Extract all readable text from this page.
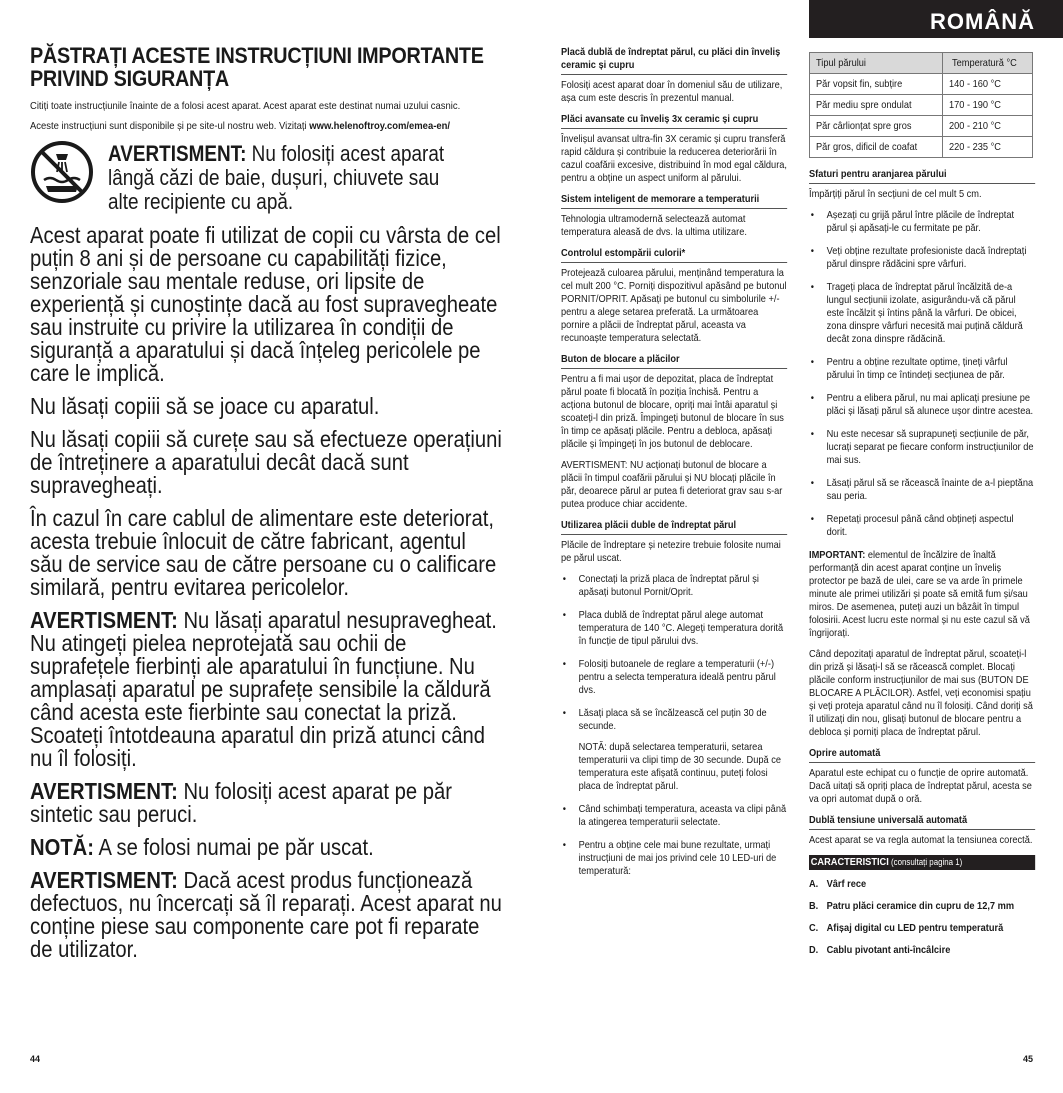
ROMÂNĂ
PĂSTRAȚI ACESTE INSTRUCȚIUNI IMPORTANTE PRIVIND SIGURANȚA
Citiți toate instrucțiunile înainte de a folosi acest aparat. Acest aparat este destinat numai uzului casnic.
Aceste instrucțiuni sunt disponibile și pe site-ul nostru web. Vizitați www.helenoftroy.com/emea-en/
AVERTISMENT: Nu folosiți acest aparat lângă căzi de baie, dușuri, chiuvete sau alte recipiente cu apă.

Acest aparat poate fi utilizat de copii cu vârsta de cel puțin 8 ani și de persoane cu capabilități fizice, senzoriale sau mentale reduse, ori lipsite de experiență și cunoștințe dacă au fost supravegheate sau instruite cu privire la utilizarea în condiții de siguranță a aparatului și dacă înțeleg pericolele pe care le implică.

Nu lăsați copiii să se joace cu aparatul.

Nu lăsați copiii să curețe sau să efectueze operațiuni de întreținere a aparatului decât dacă sunt supravegheați.

În cazul în care cablul de alimentare este deteriorat, acesta trebuie înlocuit de către fabricant, agentul său de service sau de către persoane cu o calificare similară, pentru evitarea pericolelor.

AVERTISMENT: Nu lăsați aparatul nesupravegheat. Nu atingeți pielea neprotejată sau ochii de suprafețele fierbinți ale aparatului în funcțiune. Nu amplasați aparatul pe suprafețe sensibile la căldură când acesta este fierbinte sau conectat la priză. Scoateți întotdeauna aparatul din priză atunci când nu îl folosiți.

AVERTISMENT: Nu folosiți acest aparat pe păr sintetic sau peruci.

NOTĂ: A se folosi numai pe păr uscat.

AVERTISMENT: Dacă acest produs funcționează defectuos, nu încercați să îl reparați. Acest aparat nu conține piese sau componente care pot fi reparate de utilizator.

44

Placă dublă de îndreptat părul, cu plăci din înveliș ceramic și cupru

Folosiți acest aparat doar în domeniul său de utilizare, așa cum este descris în prezentul manual.

Plăci avansate cu înveliș 3x ceramic și cupru

Învelișul avansat ultra-fin 3X ceramic și cupru transferă rapid căldura și contribuie la reducerea deteriorării în cazul coafării excesive, distribuind în mod egal căldura, pentru a obține un aspect uniform al părului.

Sistem inteligent de memorare a temperaturii

Tehnologia ultramodernă selectează automat temperatura aleasă de dvs. la ultima utilizare.

Controlul estompării culorii*

Protejează culoarea părului, menținând temperatura la cel mult 200 °C. Porniți dispozitivul apăsând pe butonul PORNIT/OPRIT. Apăsați pe butonul cu simbolurile +/- pentru a alege setarea preferată. La următoarea pornire a plăcii de îndreptat părul, aceasta va recunoaște temperatura selectată.

Buton de blocare a plăcilor

Pentru a fi mai ușor de depozitat, placa de îndreptat părul poate fi blocată în poziția închisă. Pentru a acționa butonul de blocare, opriți mai întâi aparatul și scoateți-l din priză. Împingeți butonul de blocare în sus în timp ce apăsați plăcile. Pentru a debloca, apăsați plăcile și împingeți în jos butonul de deblocare.

AVERTISMENT: NU acționați butonul de blocare a plăcii în timpul coafării părului și NU blocați plăcile în păr, deoarece părul ar putea fi deteriorat grav sau s-ar putea produce chiar accidente.

Utilizarea plăcii duble de îndreptat părul

Plăcile de îndreptare și netezire trebuie folosite numai pe părul uscat.

• Conectați la priză placa de îndreptat părul și apăsați butonul Pornit/Oprit.
• Placa dublă de îndreptat părul alege automat temperatura de 140 °C. Alegeți temperatura dorită în funcție de tipul părului dvs.
• Folosiți butoanele de reglare a temperaturii (+/-) pentru a selecta temperatura ideală pentru părul dvs.
• Lăsați placa să se încălzească cel puțin 30 de secunde.
NOTĂ: după selectarea temperaturii, setarea temperaturii va clipi timp de 30 secunde. După ce temperatura este afișată continuu, puteți folosi placa de îndreptat părul.
• Când schimbați temperatura, aceasta va clipi până la atingerea temperaturii selectate.
• Pentru a obține cele mai bune rezultate, urmați instrucțiuni de mai jos privind cele 10 LED-uri de temperatură:
Tipul părului	Temperatură °C
Păr vopsit fin, subțire	140 - 160 °C
Păr mediu spre ondulat	170 - 190 °C
Păr cârlionțat spre gros	200 - 210 °C
Păr gros, dificil de coafat	220 - 235 °C

Sfaturi pentru aranjarea părului

Împărțiți părul în secțiuni de cel mult 5 cm.

• Așezați cu grijă părul între plăcile de îndreptat părul și apăsați-le cu fermitate pe păr.
• Veți obține rezultate profesioniste dacă îndreptați părul dinspre rădăcini spre vârfuri.
• Trageți placa de îndreptat părul încălzită de-a lungul secțiunii izolate, asigurându-vă că părul este încălzit și întins până la vârfuri. De obicei, zona dinspre vârfuri necesită mai puțină căldură decât zona dinspre rădăcină.
• Pentru a obține rezultate optime, țineți vârful părului în timp ce întindeți secțiunea de păr.
• Pentru a elibera părul, nu mai aplicați presiune pe plăci și lăsați părul să alunece ușor dintre acestea.
• Nu este necesar să suprapuneți secțiunile de păr, lucrați separat pe fiecare conform instrucțiunilor de mai sus.
• Lăsați părul să se răcească înainte de a-l pieptăna sau peria.
• Repetați procesul până când obțineți aspectul dorit.

IMPORTANT: elementul de încălzire de înaltă performanță din acest aparat conține un înveliș protector pe bază de ulei, care se va arde în primele minute ale primei utilizări și poate să emită fum și/sau miros. De asemenea, puteți auzi un bâzâit în timpul folosirii. Acest lucru este normal și nu este cazul să vă îngrijorați.

Când depozitați aparatul de îndreptat părul, scoateți-l din priză și lăsați-l să se răcească complet. Blocați plăcile conform instrucțiunilor de mai sus (BUTON DE BLOCARE A PLĂCILOR). Astfel, veți economisi spațiu și veți proteja aparatul când nu îl folosiți. Când doriți să îl utilizați din nou, glisați butonul de blocare pentru a debloca și porniți placa de îndreptat părul.

Oprire automată

Aparatul este echipat cu o funcție de oprire automată.
Dacă uitați să opriți placa de îndreptat părul, acesta se va opri automat după o oră.

Dublă tensiune universală automată

Acest aparat se va regla automat la tensiunea corectă.

CARACTERISTICI (consultați pagina 1)
A. Vârf rece
B. Patru plăci ceramice din cupru de 12,7 mm
C. Afișaj digital cu LED pentru temperatură
D. Cablu pivotant anti-încâlcire
45
